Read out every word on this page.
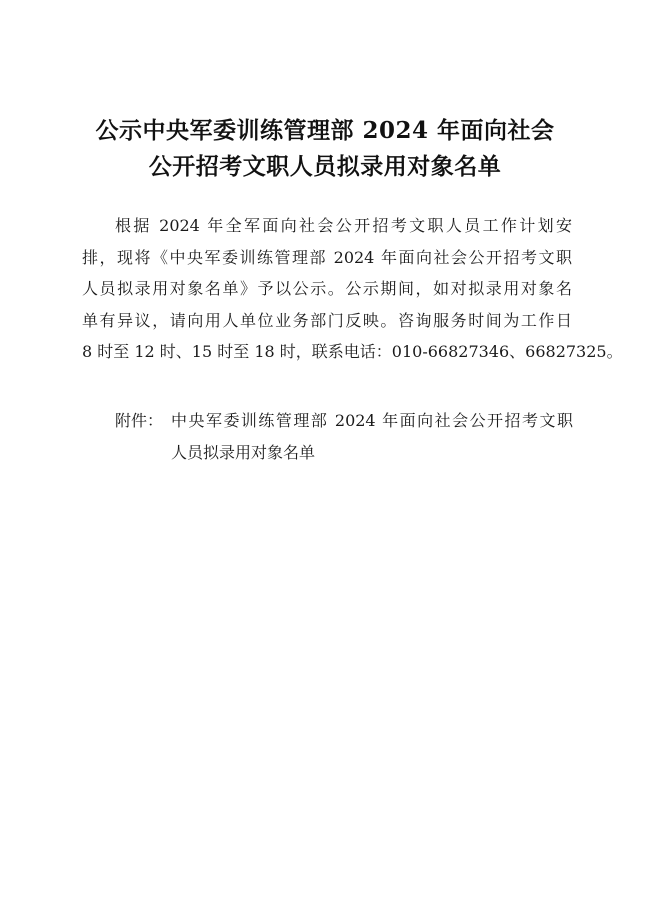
公示中央军委训练管理部 2024 年面向社会
公开招考文职人员拟录用对象名单
根据 2024 年全军面向社会公开招考文职人员工作计划安
排，现将《中央军委训练管理部 2024 年面向社会公开招考文职
人员拟录用对象名单》予以公示。公示期间，如对拟录用对象名
单有异议，请向用人单位业务部门反映。咨询服务时间为工作日
8 时至 12 时、15 时至 18 时，联系电话：010-66827346、66827325。
附件： 中央军委训练管理部 2024 年面向社会公开招考文职
人员拟录用对象名单
